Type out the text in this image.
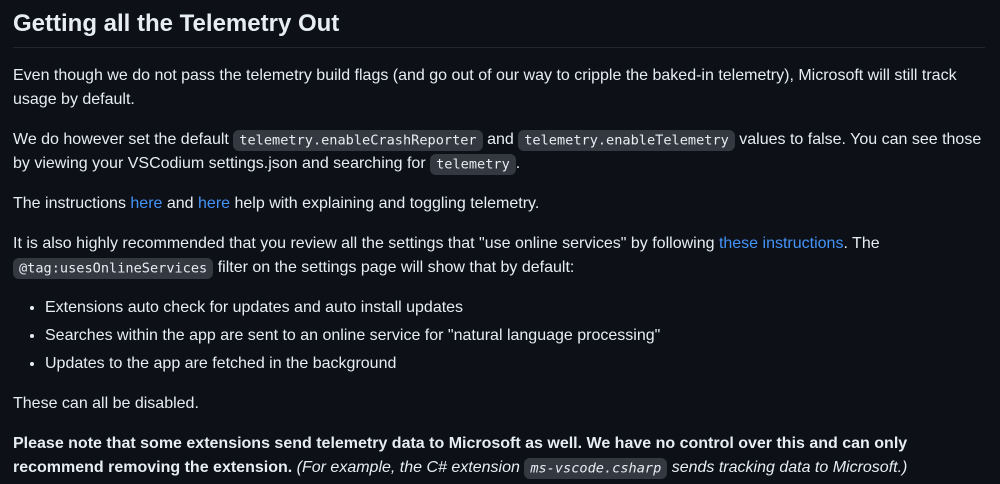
Getting all the Telemetry Out

Even though we do not pass the telemetry build flags (and go out of our way to cripple the baked-in telemetry), Microsoft will still track usage by default.

We do however set the default telemetry.enableCrashReporter and telemetry.enableTelemetry values to false. You can see those by viewing your VSCodium settings.json and searching for telemetry .

The instructions here and here help with explaining and toggling telemetry.

It is also highly recommended that you review all the settings that "use online services" by following these instructions. The @tag:usesOnlineServices filter on the settings page will show that by default:

• Extensions auto check for updates and auto install updates
• Searches within the app are sent to an online service for "natural language processing"
• Updates to the app are fetched in the background

These can all be disabled.

Please note that some extensions send telemetry data to Microsoft as well. We have no control over this and can only recommend removing the extension. (For example, the C# extension ms-vscode.csharp sends tracking data to Microsoft.)
